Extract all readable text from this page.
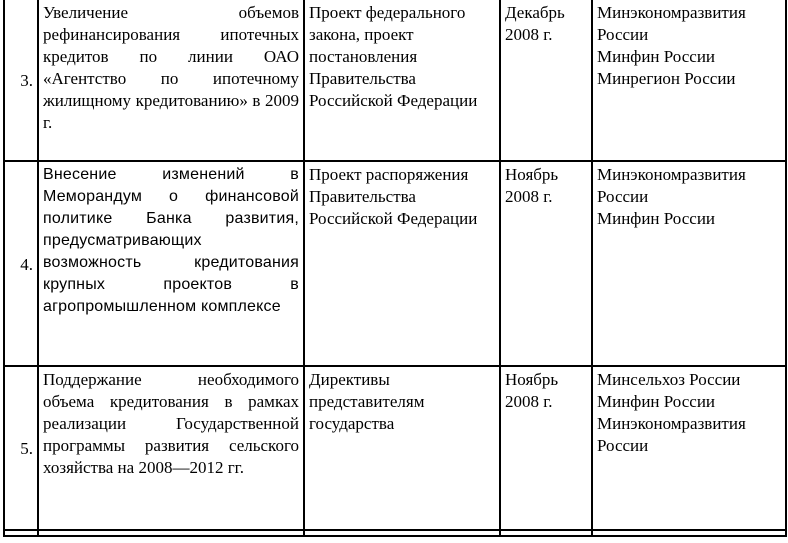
3.	Увеличение объемов рефинансирования ипотечных кредитов по линии ОАО «Агентство по ипотечному жилищному кредитованию» в 2009 г.	Проект федерального закона, проект постановления Правительства Российской Федерации	Декабрь 2008 г.	Минэкономразвития России
Минфин России
Минрегион России

4.	Внесение изменений в Меморандум о финансовой политике Банка развития, предусматривающих возможность кредитования крупных проектов в агропромышленном комплексе	Проект распоряжения Правительства Российской Федерации	Ноябрь 2008 г.	Минэкономразвития России
Минфин России

5.	Поддержание необходимого объема кредитования в рамках реализации Государственной программы развития сельского хозяйства на 2008—2012 гг.	Директивы представителям государства	Ноябрь 2008 г.	Минсельхоз России
Минфин России
Минэкономразвития России
